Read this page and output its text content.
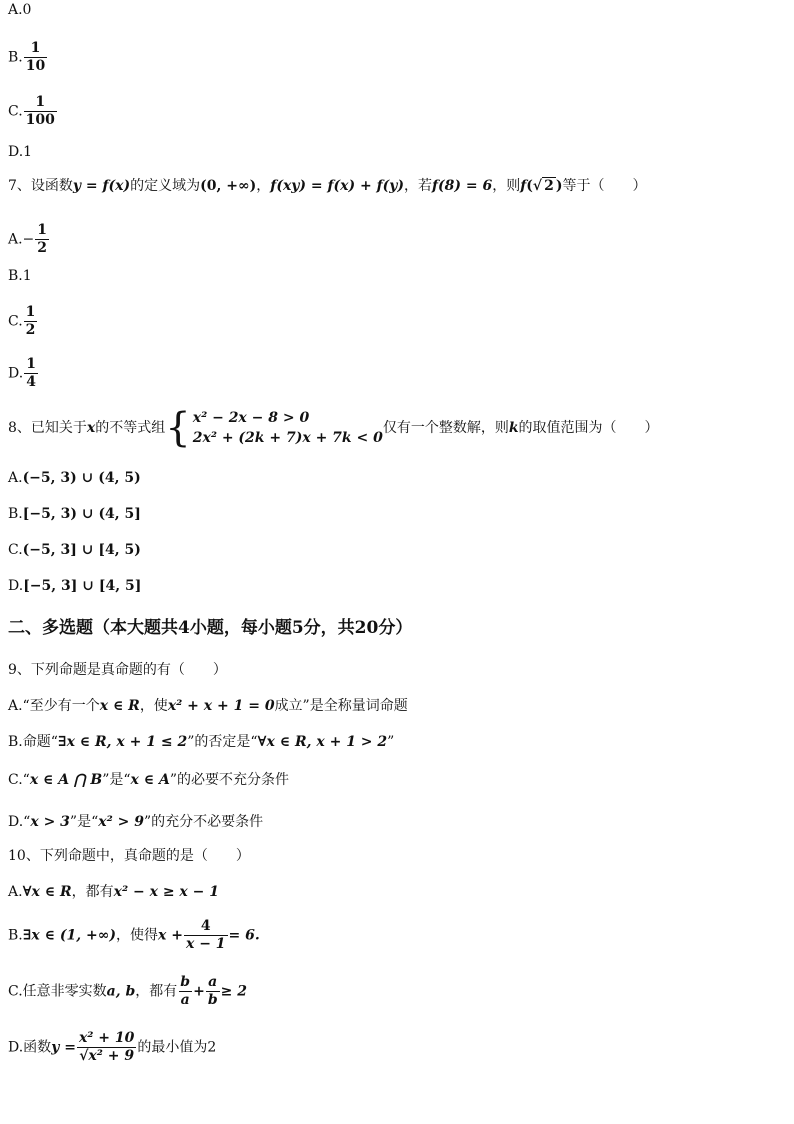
A.0
B. $\frac{1}{10}$
C. $\frac{1}{100}$
D.1
7、设函数y = f(x)的定义域为(0, +∞)，f(xy) = f(x) + f(y)，若f(8) = 6，则f(√ 2 )等于（　　）
$A.- \frac{1}{2}$
B.1
C. $\frac{1}{2}$
D. $\frac{1}{4}$
8、已知关于x的不等式组 { x² − 2x − 8 > 0
2x² + (2k + 7)x + 7k < 0
仅有一个整数解，则k的取值范围为（　　）
A.(−5, 3) ∪ (4, 5)
B.[−5, 3) ∪ (4, 5]
C.(−5, 3] ∪ [4, 5)
D.[−5, 3] ∪ [4, 5]
二、多选题（本大题共4小题，每小题5分，共20分）
9、下列命题是真命题的有（　　）
A.“至少有一个x ∈ R，使x² + x + 1 = 0成立”是全称量词命题
B.命题“∃x ∈ R, x + 1 ≤ 2”的否定是“∀x ∈ R, x + 1 > 2”
C.“x ∈ A ⋂ B”是“x ∈ A”的必要不充分条件
D.“x > 3”是“x² > 9”的充分不必要条件
10、下列命题中，真命题的是（　　）
A.∀x ∈ R，都有x² − x ≥ x − 1
B.∃x ∈ (1, +∞)，使得$x + \frac{4}{x - 1} = 6$.
C.任意非零实数a, b，都有 $\frac{b}{a} + \frac{a}{b} \ge 2$
D.函数$y = \frac{\text{x² + 10}}{\text{√x² + 9}}$ 的最小值为2
